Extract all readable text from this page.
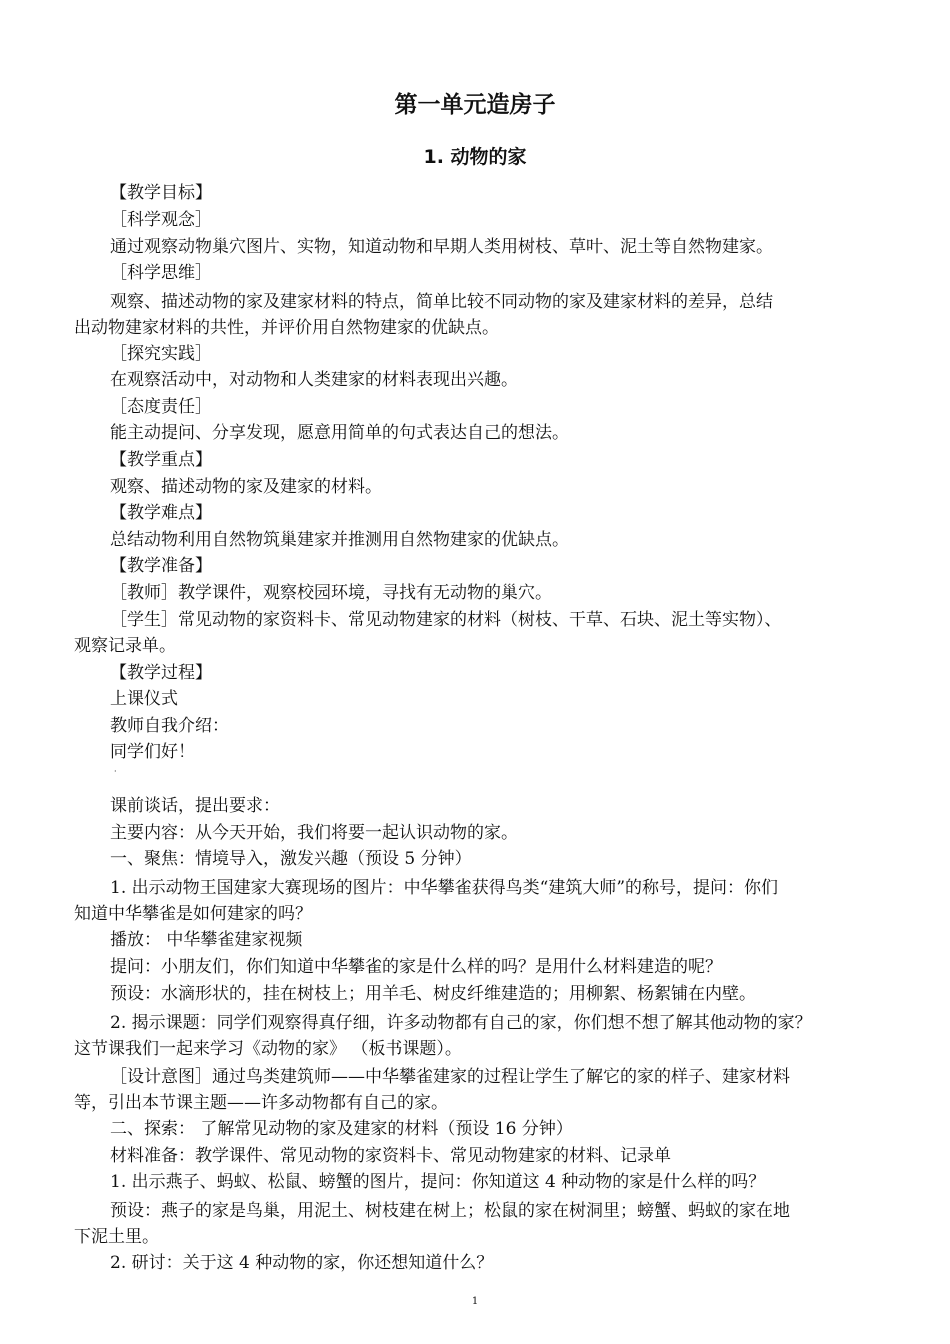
第一单元造房子
1. 动物的家
【教学目标】
［科学观念］
通过观察动物巢穴图片、实物，知道动物和早期人类用树枝、草叶、泥土等自然物建家。
［科学思维］
观察、描述动物的家及建家材料的特点，简单比较不同动物的家及建家材料的差异，总结
出动物建家材料的共性，并评价用自然物建家的优缺点。
［探究实践］
在观察活动中，对动物和人类建家的材料表现出兴趣。
［态度责任］
能主动提问、分享发现，愿意用简单的句式表达自己的想法。
【教学重点】
观察、描述动物的家及建家的材料。
【教学难点】
总结动物利用自然物筑巢建家并推测用自然物建家的优缺点。
【教学准备】
［教师］教学课件，观察校园环境，寻找有无动物的巢穴。
［学生］常见动物的家资料卡、常见动物建家的材料（树枝、干草、石块、泥土等实物）、
观察记录单。
【教学过程】
上课仪式
教师自我介绍：
同学们好！
·
课前谈话，提出要求：
主要内容：从今天开始，我们将要一起认识动物的家。
一、聚焦：情境导入，激发兴趣（预设 5 分钟）
1. 出示动物王国建家大赛现场的图片：中华攀雀获得鸟类“建筑大师”的称号，提问：你们
知道中华攀雀是如何建家的吗？
播放： 中华攀雀建家视频
提问：小朋友们，你们知道中华攀雀的家是什么样的吗？是用什么材料建造的呢？
预设：水滴形状的，挂在树枝上；用羊毛、树皮纤维建造的；用柳絮、杨絮铺在内壁。
2. 揭示课题：同学们观察得真仔细，许多动物都有自己的家，你们想不想了解其他动物的家？
这节课我们一起来学习《动物的家》 （板书课题）。
［设计意图］通过鸟类建筑师——中华攀雀建家的过程让学生了解它的家的样子、建家材料
等，引出本节课主题——许多动物都有自己的家。
二、探索： 了解常见动物的家及建家的材料（预设 16 分钟）
材料准备：教学课件、常见动物的家资料卡、常见动物建家的材料、记录单
1. 出示燕子、蚂蚁、松鼠、螃蟹的图片，提问：你知道这 4 种动物的家是什么样的吗？
预设：燕子的家是鸟巢，用泥土、树枝建在树上；松鼠的家在树洞里；螃蟹、蚂蚁的家在地
下泥土里。
2. 研讨：关于这 4 种动物的家，你还想知道什么？
1
